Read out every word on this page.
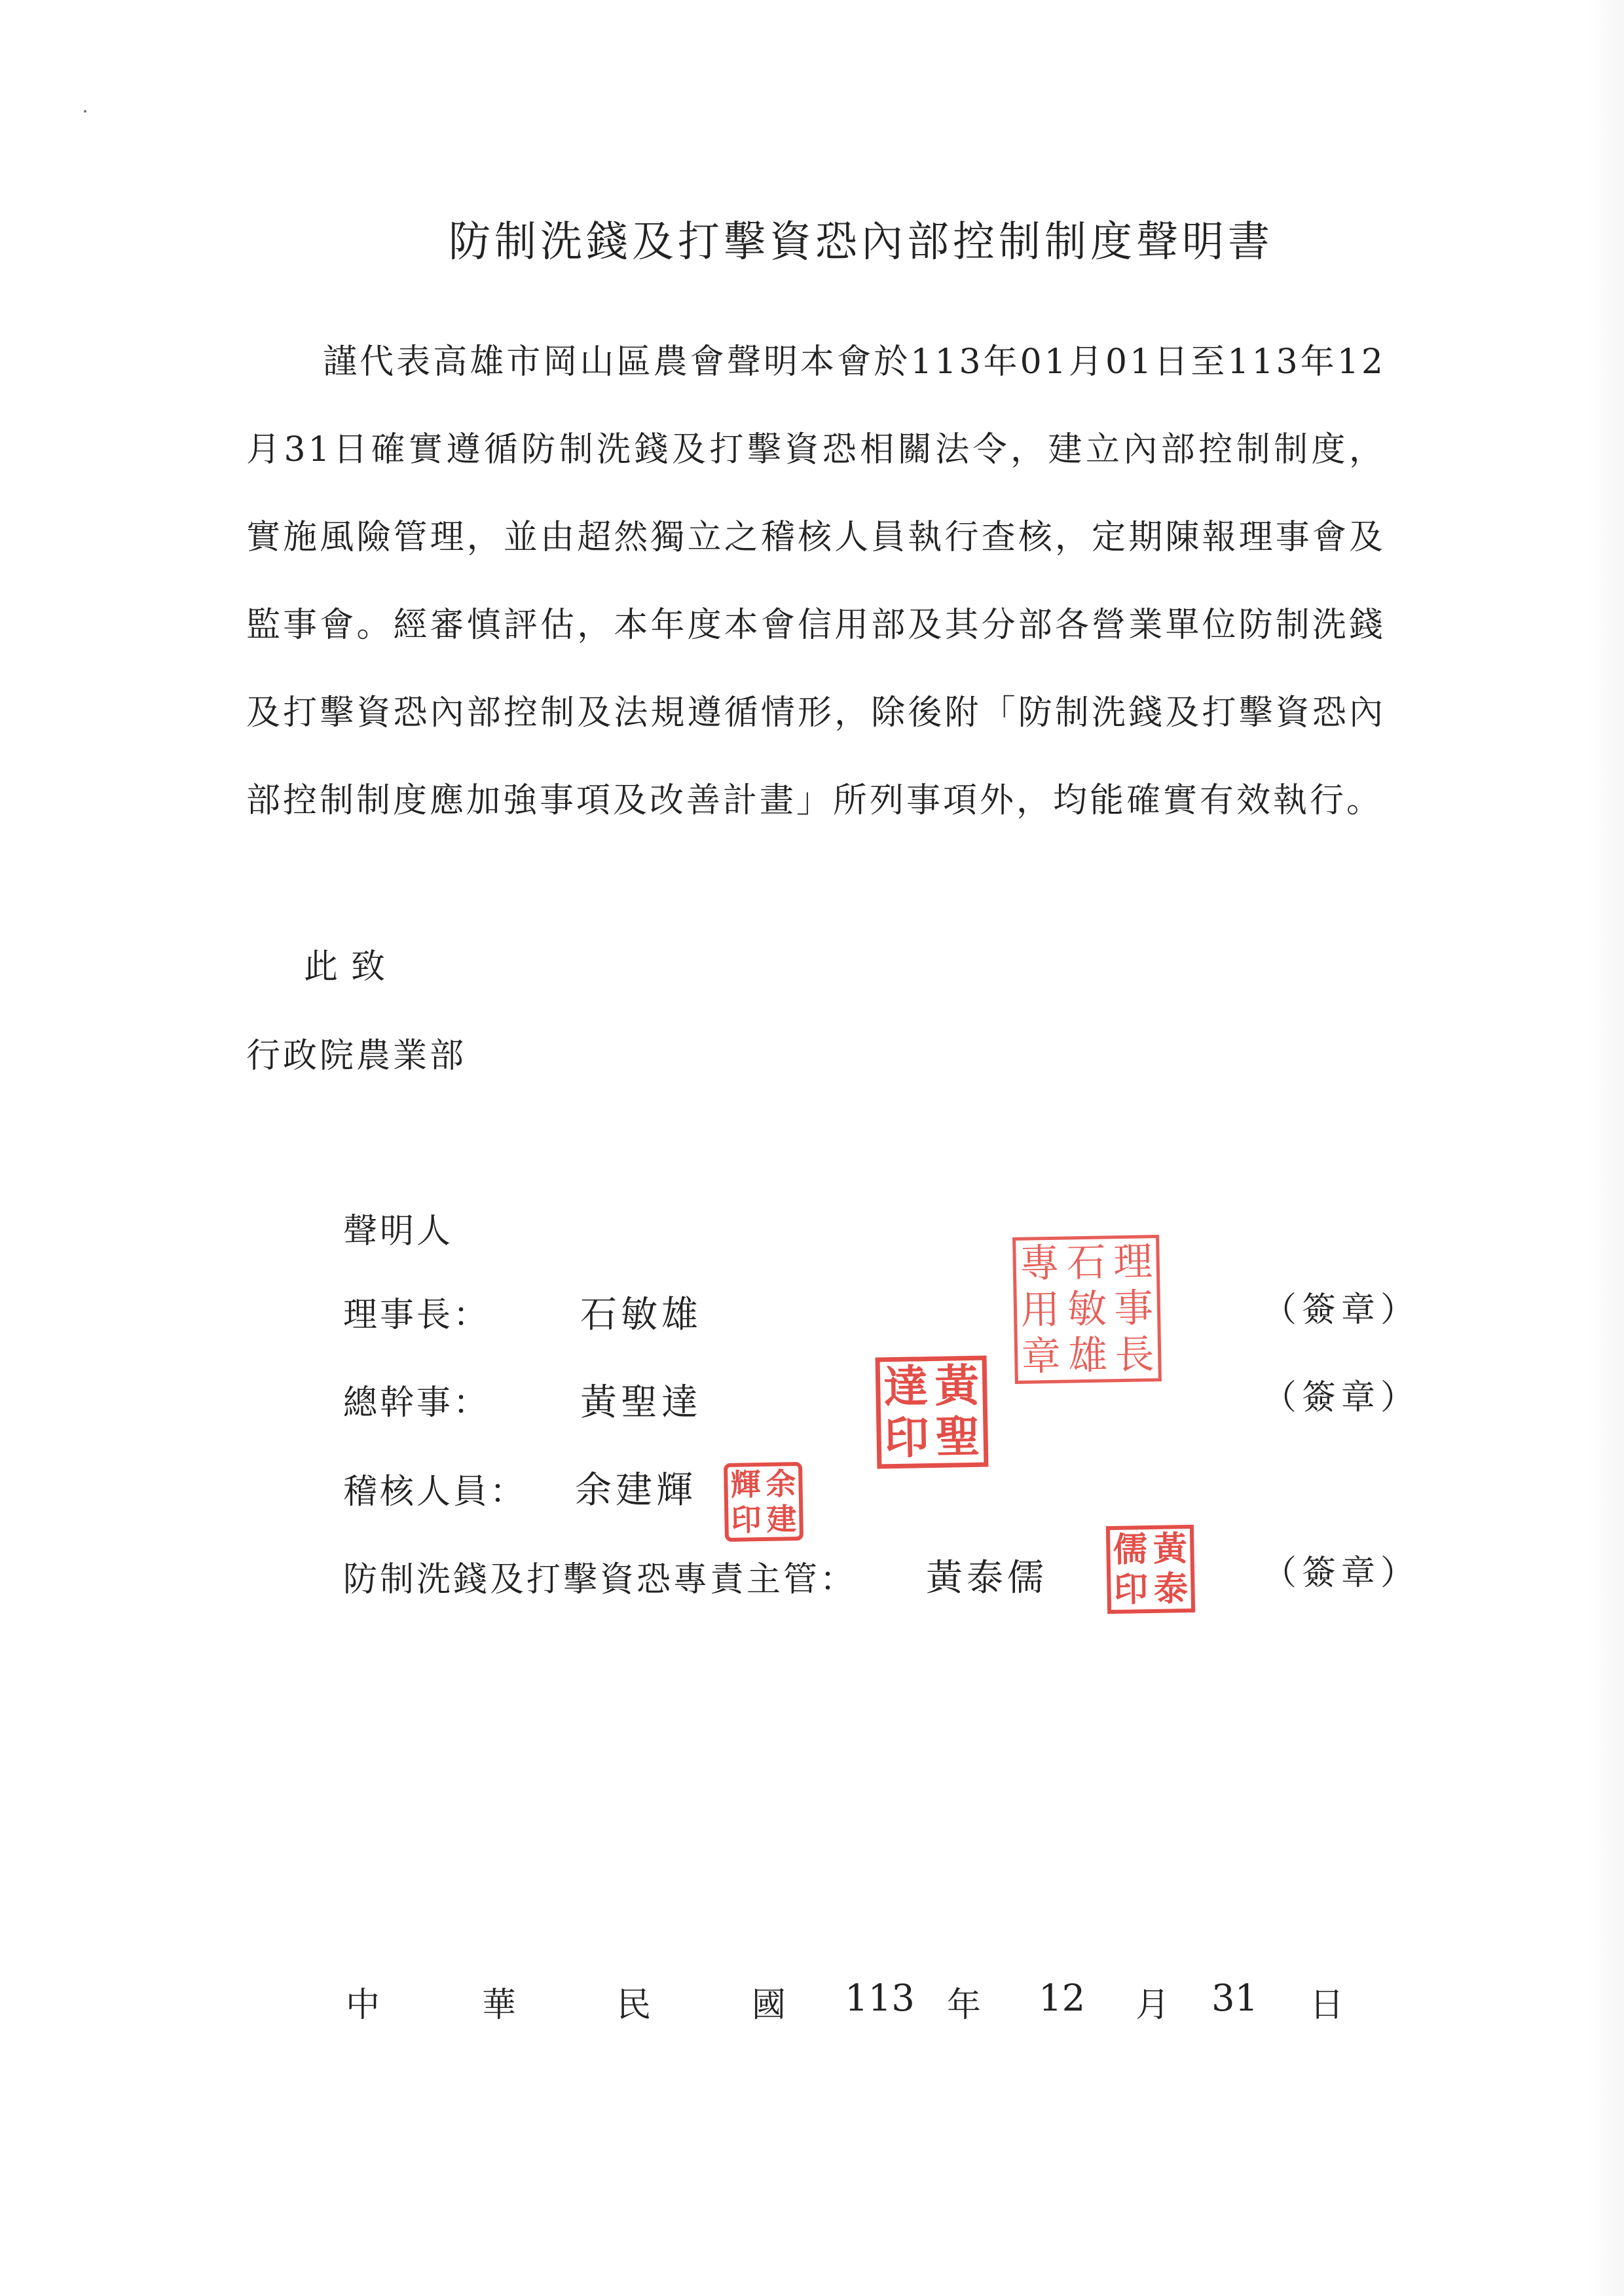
防制洗錢及打擊資恐內部控制制度聲明書

謹代表高雄市岡山區農會聲明本會於113年01月01日至113年12月31日確實遵循防制洗錢及打擊資恐相關法令，建立內部控制制度，實施風險管理，並由超然獨立之稽核人員執行查核，定期陳報理事會及監事會。經審慎評估，本年度本會信用部及其分部各營業單位防制洗錢及打擊資恐內部控制及法規遵循情形，除後附「防制洗錢及打擊資恐內部控制制度應加強事項及改善計畫」所列事項外，均能確實有效執行。

此致
行政院農業部
聲明人
理事長： 石敏雄	（簽章）
總幹事： 黃聖達	（簽章）
稽核人員： 余建輝
防制洗錢及打擊資恐專責主管： 黃泰儒	（簽章）
理
事
長
石
敏
雄
專
用
章
黃
聖
達
印
余
建
輝
印
黃
泰
儒
印
中	華	民	國 113 年 12 月 31 日
